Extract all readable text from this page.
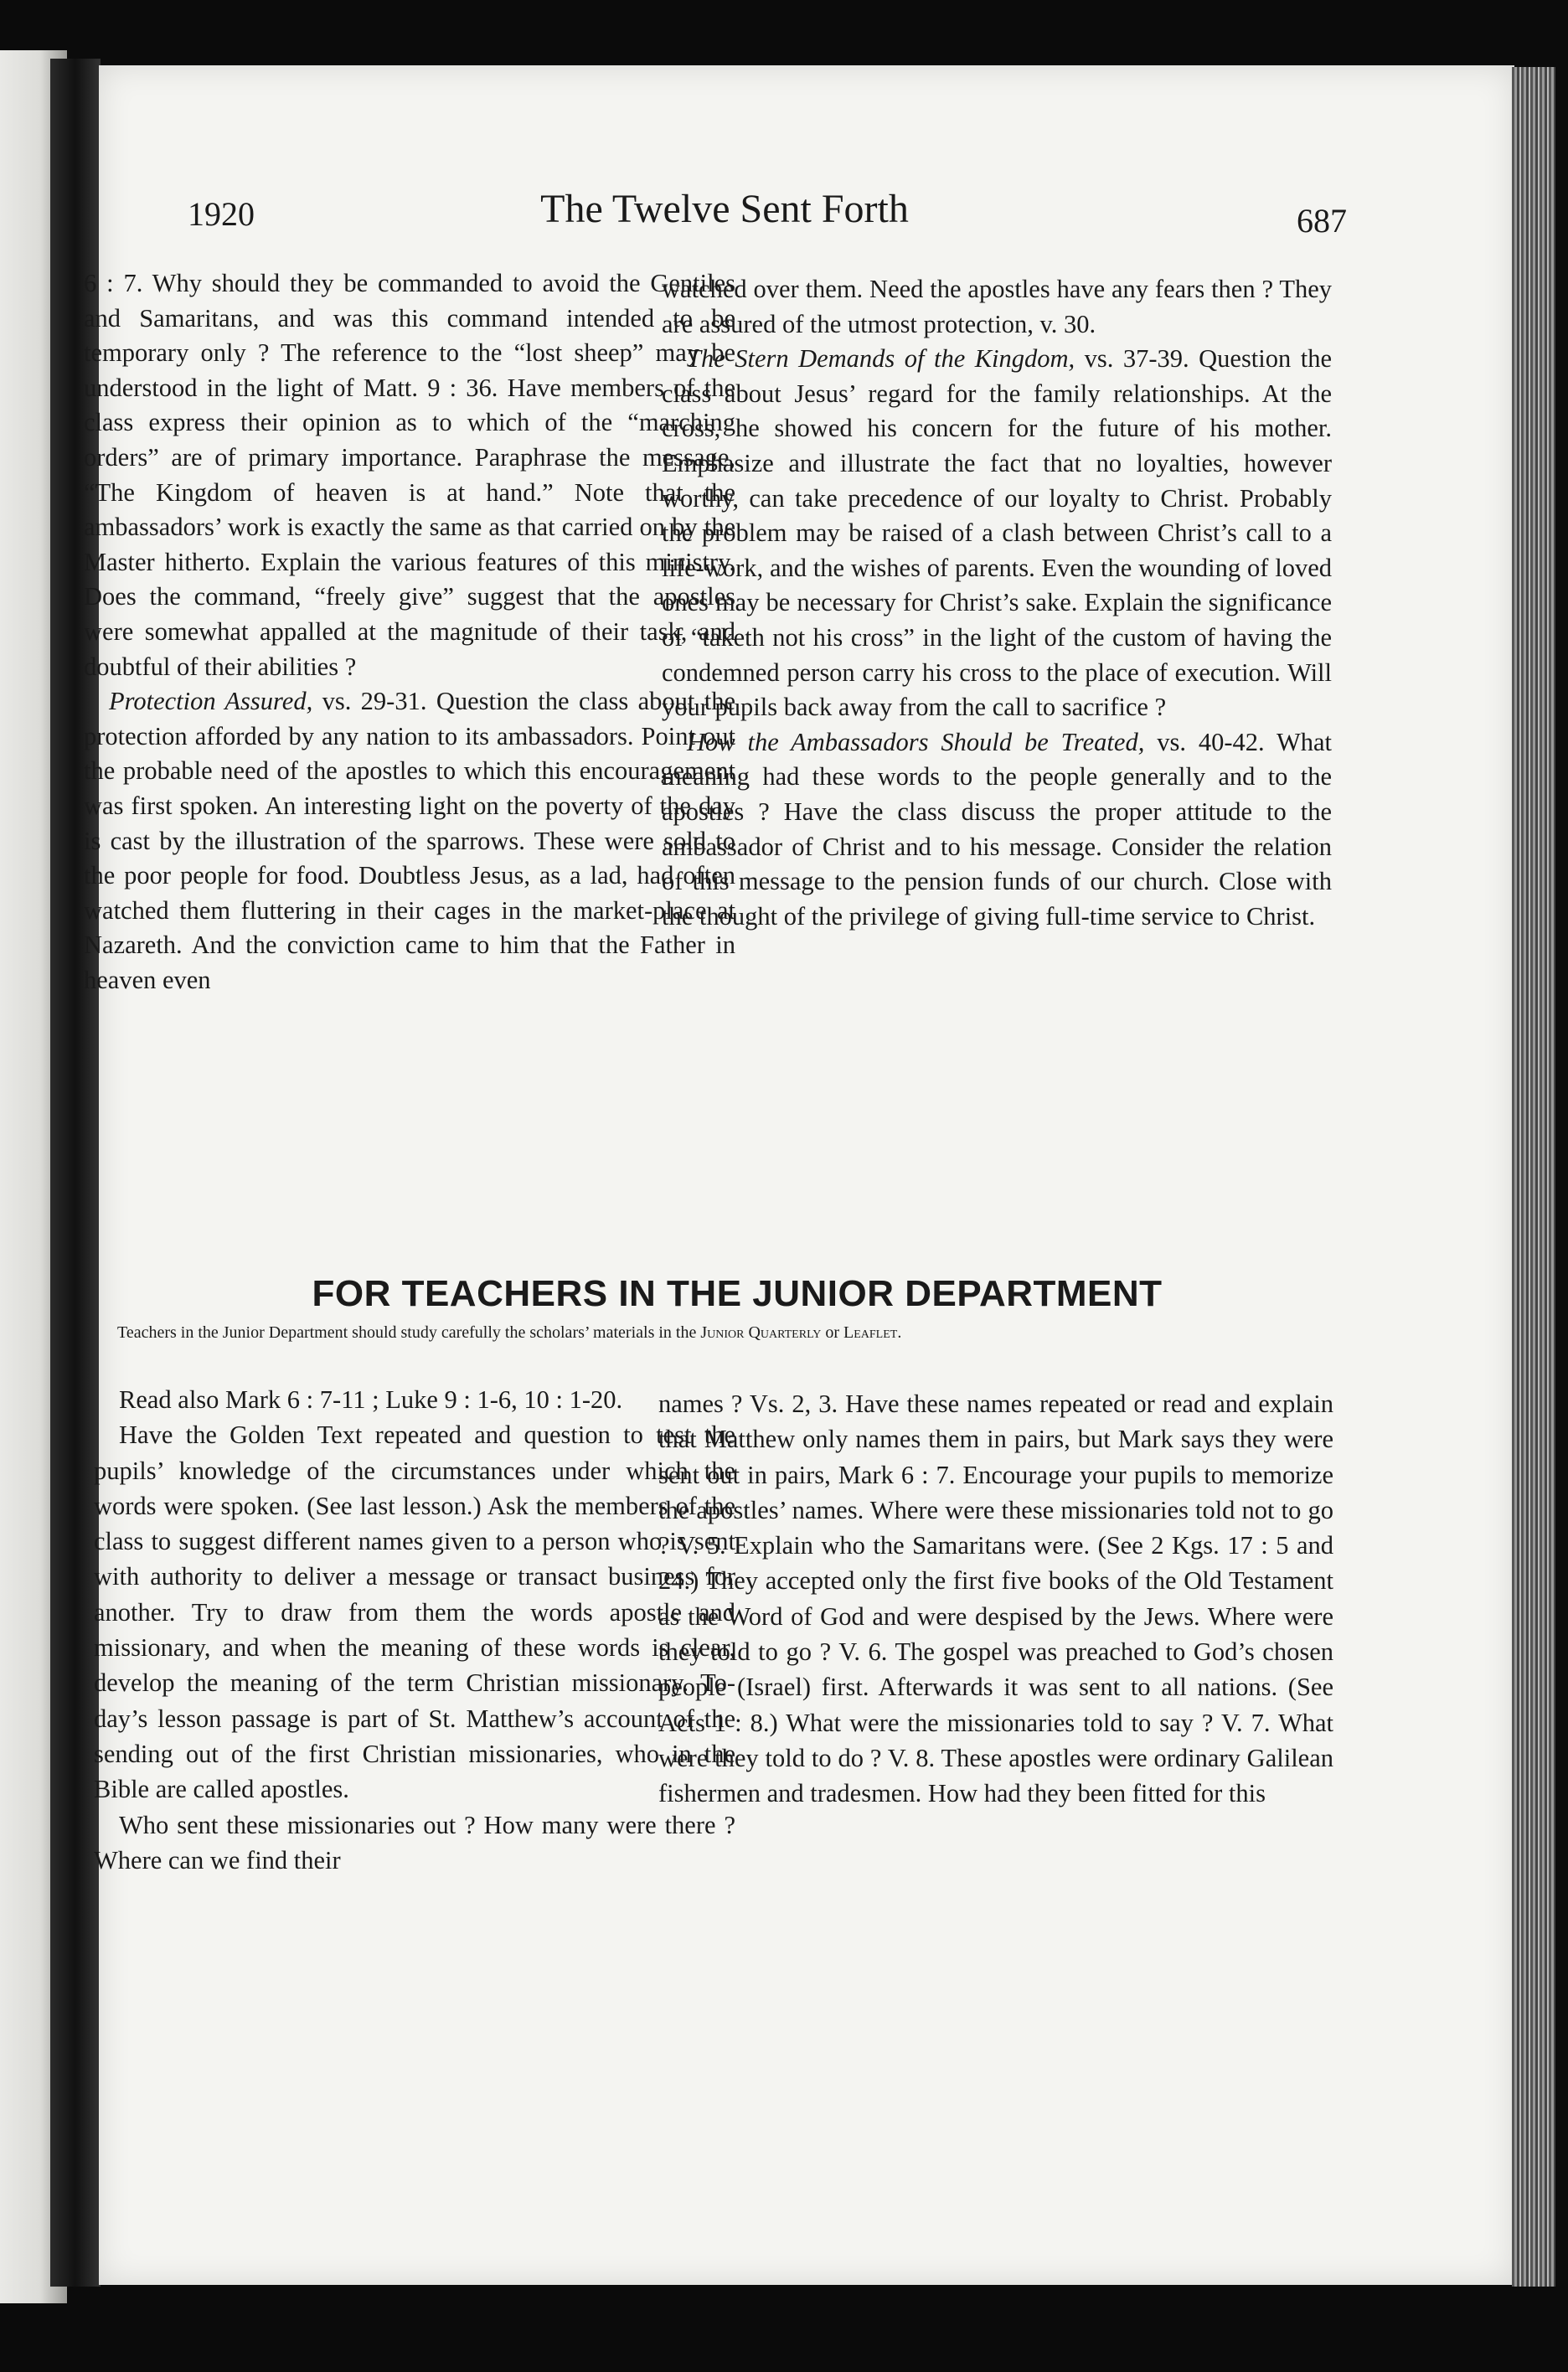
1920	The Twelve Sent Forth	687

6 : 7. Why should they be commanded to avoid the Gentiles and Samaritans, and was this command intended to be temporary only ? The reference to the “lost sheep” may be understood in the light of Matt. 9 : 36. Have members of the class express their opinion as to which of the “marching orders” are of primary importance. Paraphrase the message, “The Kingdom of heaven is at hand.” Note that the ambassadors’ work is exactly the same as that carried on by the Master hitherto. Explain the various features of this ministry. Does the command, “freely give” suggest that the apostles were somewhat appalled at the magnitude of their task, and doubtful of their abilities ?

Protection Assured, vs. 29-31. Question the class about the protection afforded by any nation to its ambassadors. Point out the probable need of the apostles to which this encouragement was first spoken. An interesting light on the poverty of the day is cast by the illustration of the sparrows. These were sold to the poor people for food. Doubtless Jesus, as a lad, had often watched them fluttering in their cages in the market-place at Nazareth. And the conviction came to him that the Father in heaven even

watched over them. Need the apostles have any fears then ? They are assured of the utmost protection, v. 30.

The Stern Demands of the Kingdom, vs. 37-39. Question the class about Jesus’ regard for the family relationships. At the cross, he showed his concern for the future of his mother. Emphasize and illustrate the fact that no loyalties, however worthy, can take precedence of our loyalty to Christ. Probably the problem may be raised of a clash between Christ’s call to a life-work, and the wishes of parents. Even the wounding of loved ones may be necessary for Christ’s sake. Explain the significance of “taketh not his cross” in the light of the custom of having the condemned person carry his cross to the place of execution. Will your pupils back away from the call to sacrifice ?

How the Ambassadors Should be Treated, vs. 40-42. What meaning had these words to the people generally and to the apostles ? Have the class discuss the proper attitude to the ambassador of Christ and to his message. Consider the relation of this message to the pension funds of our church. Close with the thought of the privilege of giving full-time service to Christ.

FOR TEACHERS IN THE JUNIOR DEPARTMENT
Teachers in the Junior Department should study carefully the scholars’ materials in the Junior Quarterly or Leaflet.

Read also Mark 6 : 7-11 ; Luke 9 : 1-6, 10 : 1-20.

Have the Golden Text repeated and question to test the pupils’ knowledge of the circumstances under which the words were spoken. (See last lesson.) Ask the members of the class to suggest different names given to a person who is sent with authority to deliver a message or transact business for another. Try to draw from them the words apostle and missionary, and when the meaning of these words is clear, develop the meaning of the term Christian missionary. To-day’s lesson passage is part of St. Matthew’s account of the sending out of the first Christian missionaries, who in the Bible are called apostles.

Who sent these missionaries out ? How many were there ? Where can we find their

names ? Vs. 2, 3. Have these names repeated or read and explain that Matthew only names them in pairs, but Mark says they were sent out in pairs, Mark 6 : 7. Encourage your pupils to memorize the apostles’ names. Where were these missionaries told not to go ? V. 5. Explain who the Samaritans were. (See 2 Kgs. 17 : 5 and 24.) They accepted only the first five books of the Old Testament as the Word of God and were despised by the Jews. Where were they told to go ? V. 6. The gospel was preached to God’s chosen people (Israel) first. Afterwards it was sent to all nations. (See Acts 1 : 8.) What were the missionaries told to say ? V. 7. What were they told to do ? V. 8. These apostles were ordinary Galilean fishermen and tradesmen. How had they been fitted for this
